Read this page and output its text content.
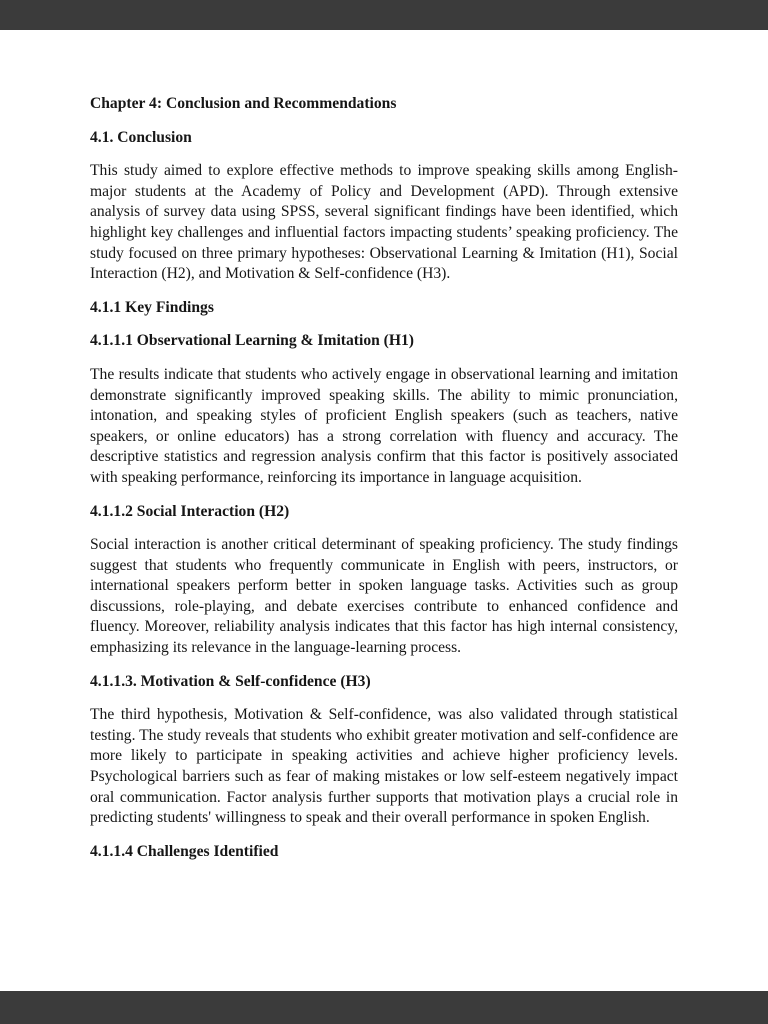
Chapter 4: Conclusion and Recommendations
4.1. Conclusion

This study aimed to explore effective methods to improve speaking skills among English-major students at the Academy of Policy and Development (APD). Through extensive analysis of survey data using SPSS, several significant findings have been identified, which highlight key challenges and influential factors impacting students’ speaking proficiency. The study focused on three primary hypotheses: Observational Learning & Imitation (H1), Social Interaction (H2), and Motivation & Self-confidence (H3).

4.1.1 Key Findings
4.1.1.1 Observational Learning & Imitation (H1)

The results indicate that students who actively engage in observational learning and imitation demonstrate significantly improved speaking skills. The ability to mimic pronunciation, intonation, and speaking styles of proficient English speakers (such as teachers, native speakers, or online educators) has a strong correlation with fluency and accuracy. The descriptive statistics and regression analysis confirm that this factor is positively associated with speaking performance, reinforcing its importance in language acquisition.

4.1.1.2 Social Interaction (H2)

Social interaction is another critical determinant of speaking proficiency. The study findings suggest that students who frequently communicate in English with peers, instructors, or international speakers perform better in spoken language tasks. Activities such as group discussions, role-playing, and debate exercises contribute to enhanced confidence and fluency. Moreover, reliability analysis indicates that this factor has high internal consistency, emphasizing its relevance in the language-learning process.

4.1.1.3. Motivation & Self-confidence (H3)

The third hypothesis, Motivation & Self-confidence, was also validated through statistical testing. The study reveals that students who exhibit greater motivation and self-confidence are more likely to participate in speaking activities and achieve higher proficiency levels. Psychological barriers such as fear of making mistakes or low self-esteem negatively impact oral communication. Factor analysis further supports that motivation plays a crucial role in predicting students' willingness to speak and their overall performance in spoken English.

4.1.1.4 Challenges Identified
